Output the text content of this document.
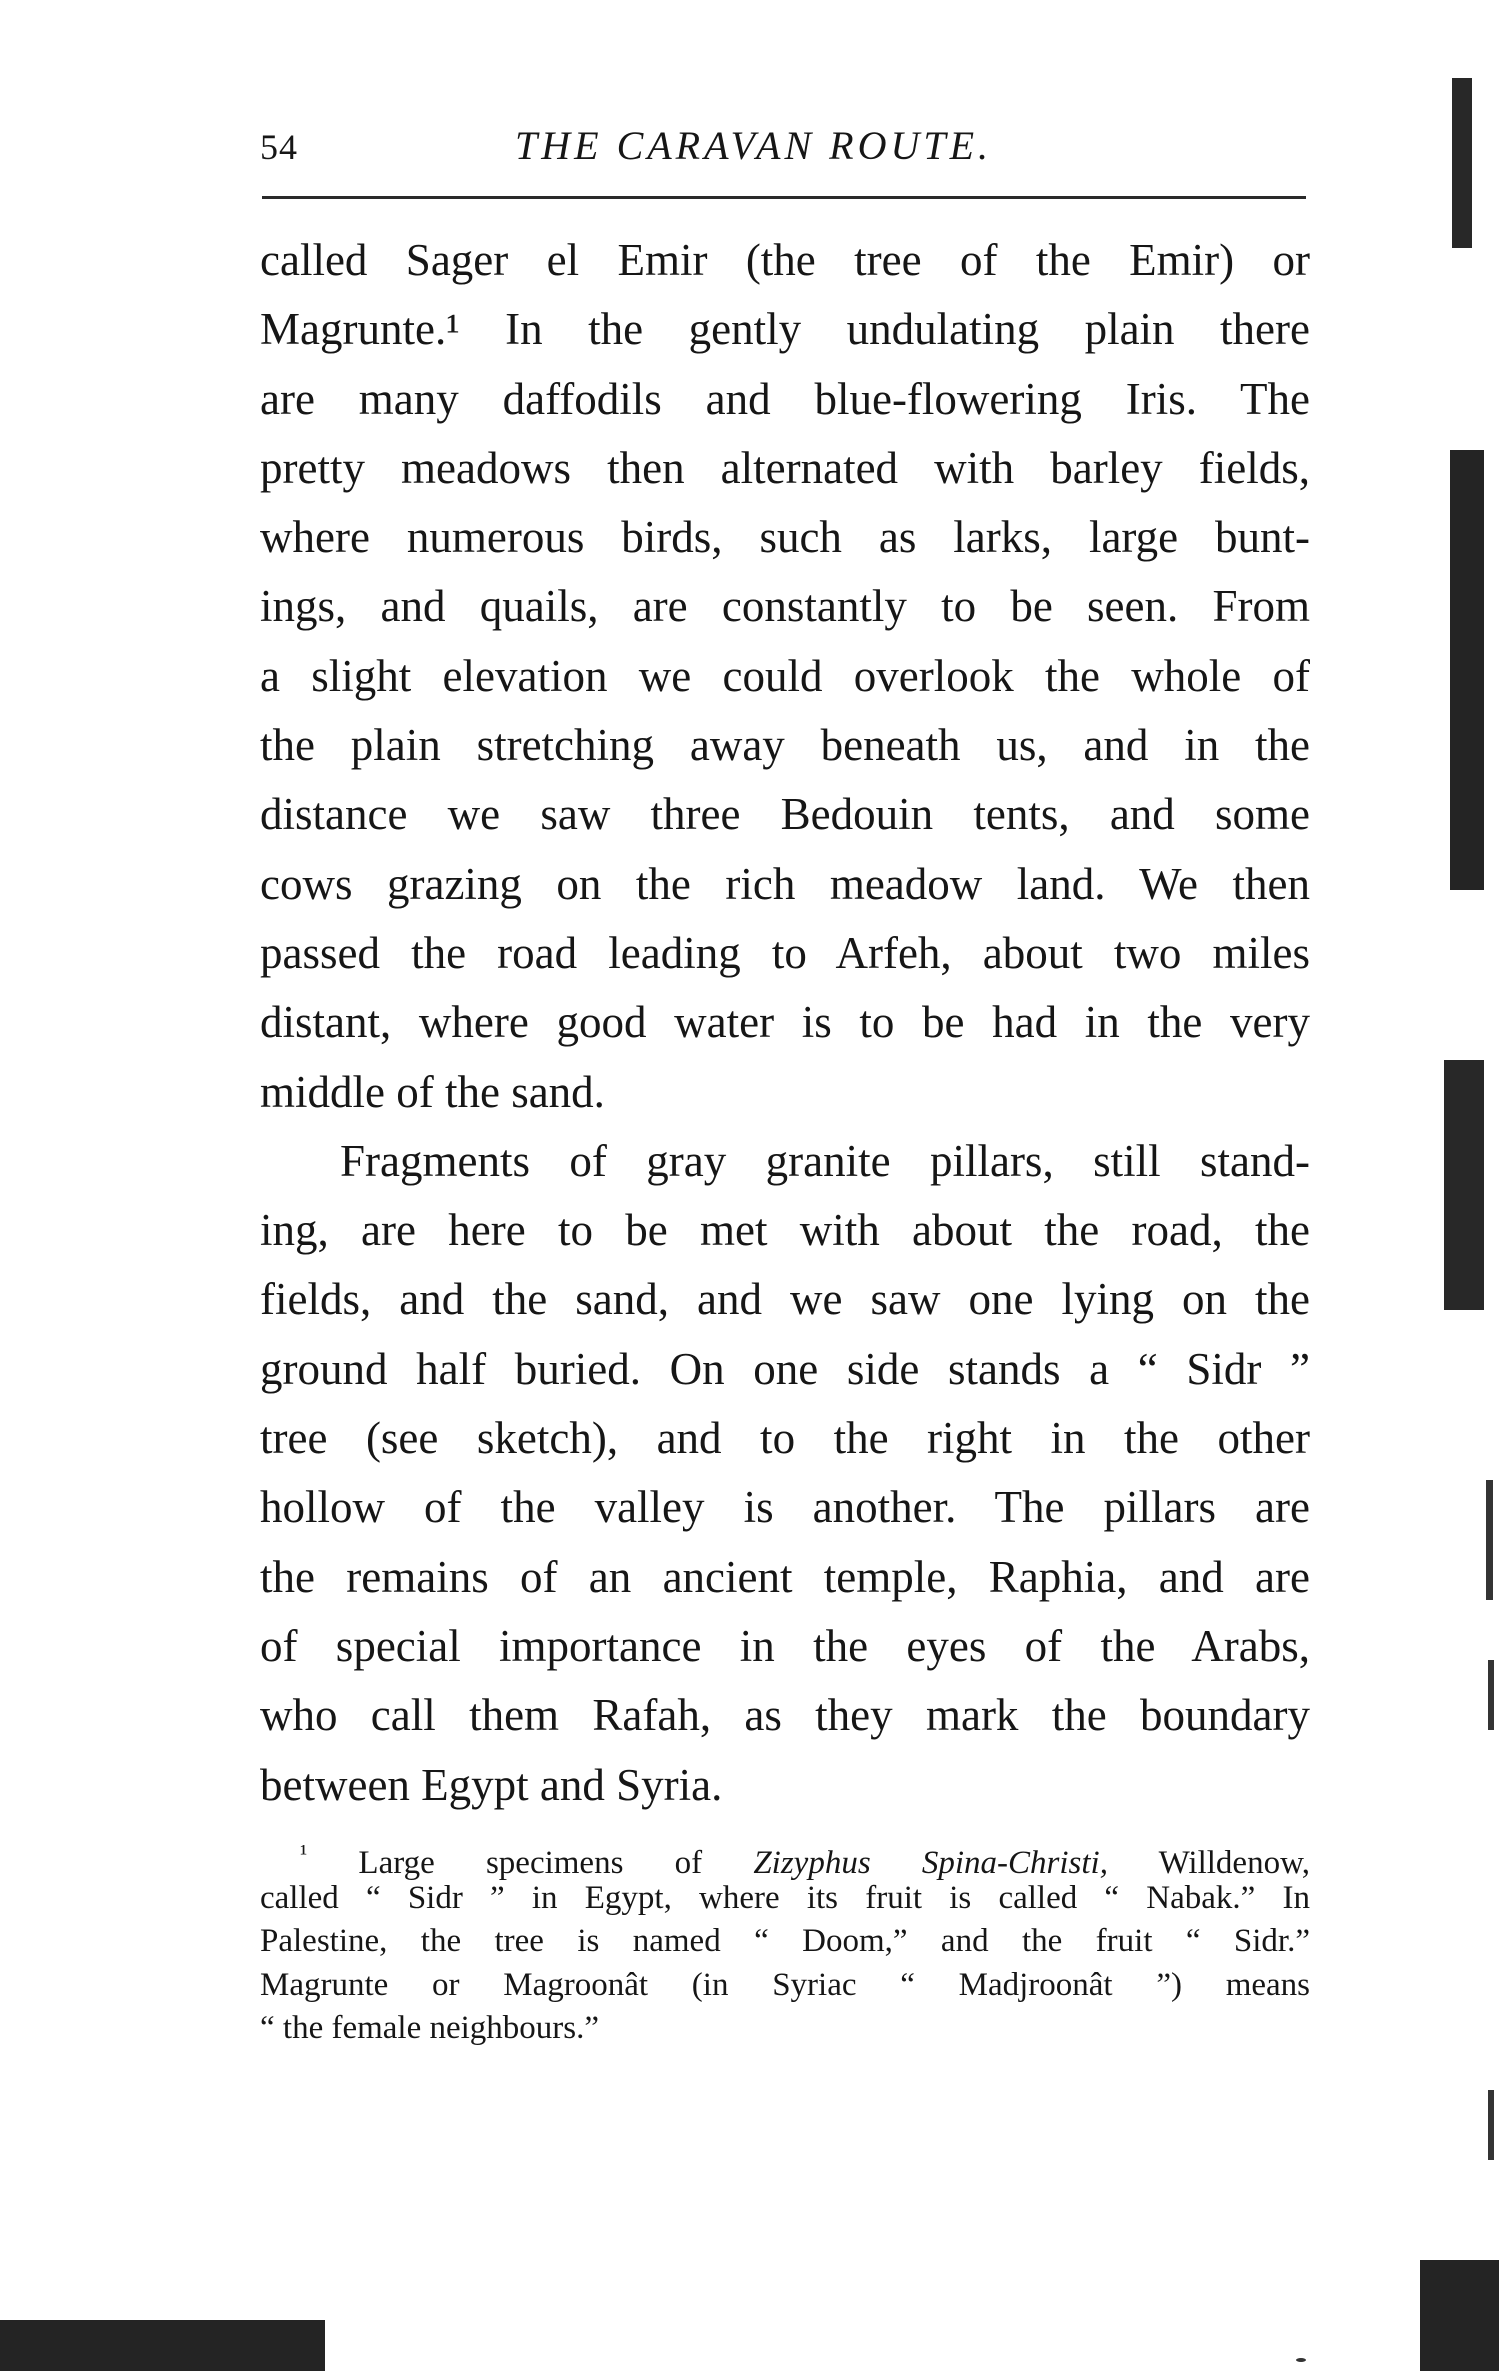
54	THE CARAVAN ROUTE.
called Sager el Emir (the tree of the Emir) or
Magrunte.¹ In the gently undulating plain there
are many daffodils and blue-flowering Iris. The
pretty meadows then alternated with barley fields,
where numerous birds, such as larks, large bunt-
ings, and quails, are constantly to be seen. From
a slight elevation we could overlook the whole of
the plain stretching away beneath us, and in the
distance we saw three Bedouin tents, and some
cows grazing on the rich meadow land. We then
passed the road leading to Arfeh, about two miles
distant, where good water is to be had in the very
middle of the sand.
Fragments of gray granite pillars, still stand-
ing, are here to be met with about the road, the
fields, and the sand, and we saw one lying on the
ground half buried. On one side stands a “ Sidr ”
tree (see sketch), and to the right in the other
hollow of the valley is another. The pillars are
the remains of an ancient temple, Raphia, and are
of special importance in the eyes of the Arabs,
who call them Rafah, as they mark the boundary
between Egypt and Syria.
$^{^1}$ Large specimens of Zizyphus Spina-Christi, Willdenow,
called “ Sidr ” in Egypt, where its fruit is called “ Nabak.” In
Palestine, the tree is named “ Doom,” and the fruit “ Sidr.”
Magrunte or Magroonât (in Syriac “ Madjroonât ”) means
“ the female neighbours.”
